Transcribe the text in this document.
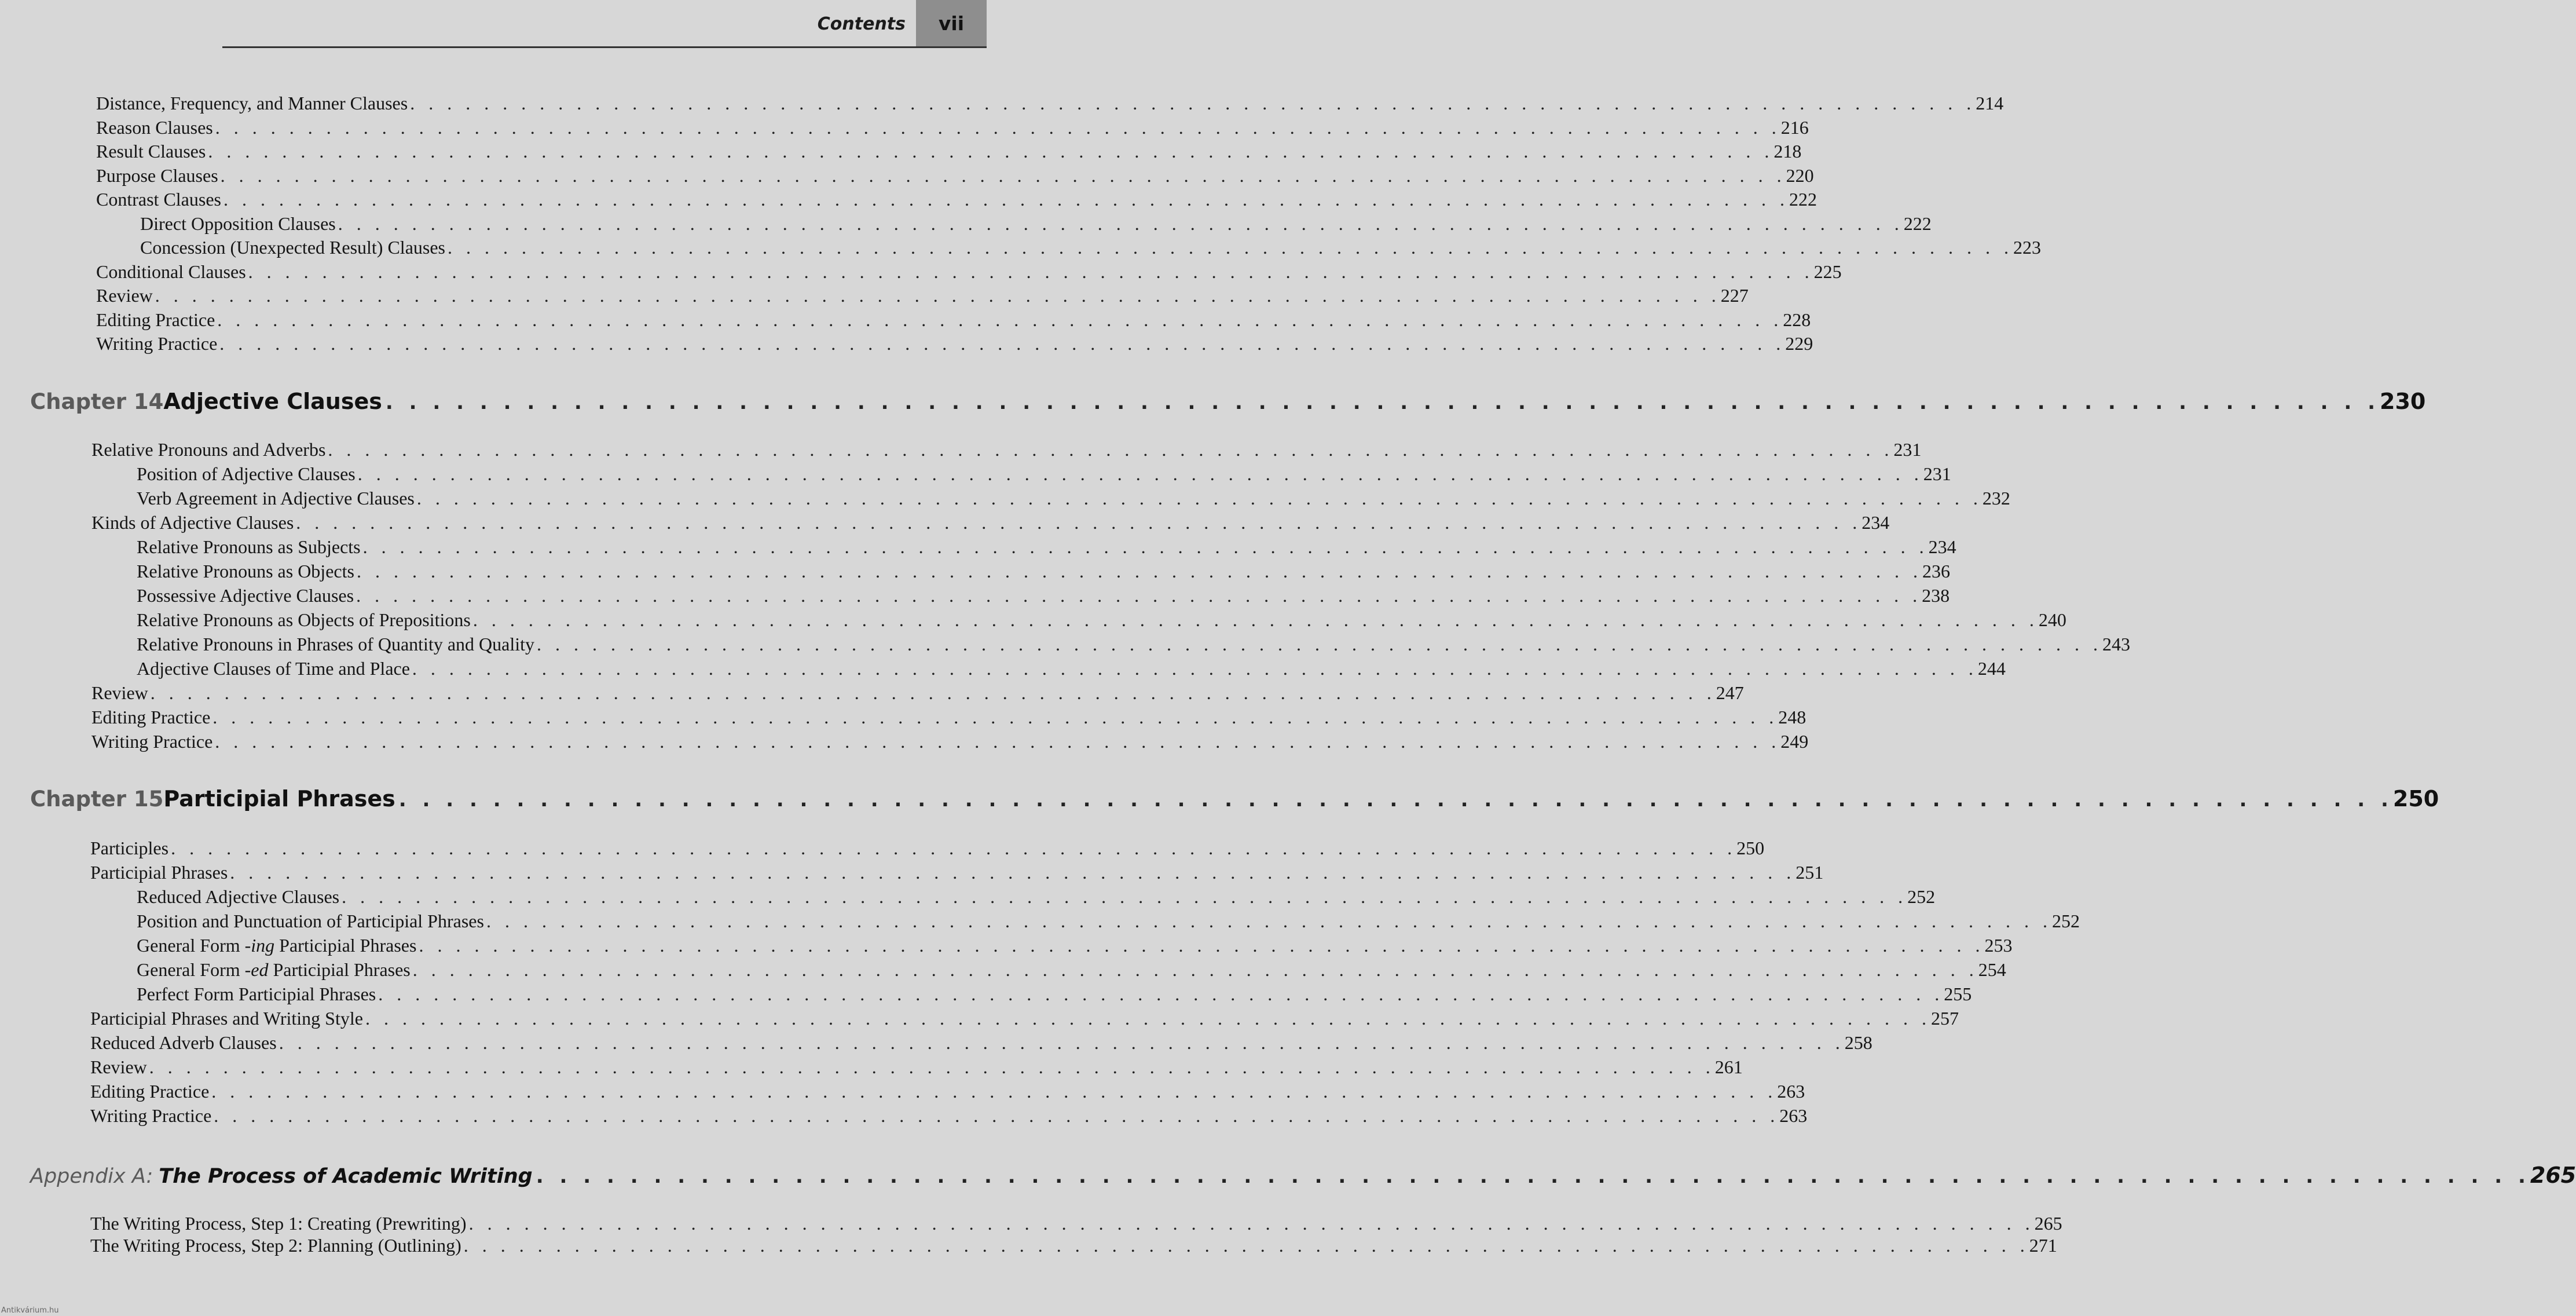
Contents	vii
Distance, Frequency, and Manner Clauses . . . . . . . . . . . . . . . . . . . . . . . . . . . . . . . . . . . . . . . . . . . . . . . . . . . . . . . . . . . . . . . . . . . . . . . . . . . . . . . . . . . . . 214
Reason Clauses . . . . . . . . . . . . . . . . . . . . . . . . . . . . . . . . . . . . . . . . . . . . . . . . . . . . . . . . . . . . . . . . . . . . . . . . . . . . . . . . . . . . . 216
Result Clauses . . . . . . . . . . . . . . . . . . . . . . . . . . . . . . . . . . . . . . . . . . . . . . . . . . . . . . . . . . . . . . . . . . . . . . . . . . . . . . . . . . . . . 218
Purpose Clauses . . . . . . . . . . . . . . . . . . . . . . . . . . . . . . . . . . . . . . . . . . . . . . . . . . . . . . . . . . . . . . . . . . . . . . . . . . . . . . . . . . . . . 220
Contrast Clauses . . . . . . . . . . . . . . . . . . . . . . . . . . . . . . . . . . . . . . . . . . . . . . . . . . . . . . . . . . . . . . . . . . . . . . . . . . . . . . . . . . . . . 222
Direct Opposition Clauses . . . . . . . . . . . . . . . . . . . . . . . . . . . . . . . . . . . . . . . . . . . . . . . . . . . . . . . . . . . . . . . . . . . . . . . . . . . . . . . . . . . . . 222
Concession (Unexpected Result) Clauses . . . . . . . . . . . . . . . . . . . . . . . . . . . . . . . . . . . . . . . . . . . . . . . . . . . . . . . . . . . . . . . . . . . . . . . . . . . . . . . . . . . . . 223
Conditional Clauses . . . . . . . . . . . . . . . . . . . . . . . . . . . . . . . . . . . . . . . . . . . . . . . . . . . . . . . . . . . . . . . . . . . . . . . . . . . . . . . . . . . . . 225
Review . . . . . . . . . . . . . . . . . . . . . . . . . . . . . . . . . . . . . . . . . . . . . . . . . . . . . . . . . . . . . . . . . . . . . . . . . . . . . . . . . . . . . 227
Editing Practice . . . . . . . . . . . . . . . . . . . . . . . . . . . . . . . . . . . . . . . . . . . . . . . . . . . . . . . . . . . . . . . . . . . . . . . . . . . . . . . . . . . . . 228
Writing Practice . . . . . . . . . . . . . . . . . . . . . . . . . . . . . . . . . . . . . . . . . . . . . . . . . . . . . . . . . . . . . . . . . . . . . . . . . . . . . . . . . . . . . 229
Chapter 14 Adjective Clauses . . . . . . . . . . . . . . . . . . . . . . . . . . . . . . . . . . . . . . . . . . . . . . . . . . . . . . . . . . . . . . . . . . . . . . . . . . . . . . . . . . . . . 230
Relative Pronouns and Adverbs . . . . . . . . . . . . . . . . . . . . . . . . . . . . . . . . . . . . . . . . . . . . . . . . . . . . . . . . . . . . . . . . . . . . . . . . . . . . . . . . . . . . . 231
Position of Adjective Clauses . . . . . . . . . . . . . . . . . . . . . . . . . . . . . . . . . . . . . . . . . . . . . . . . . . . . . . . . . . . . . . . . . . . . . . . . . . . . . . . . . . . . . 231
Verb Agreement in Adjective Clauses . . . . . . . . . . . . . . . . . . . . . . . . . . . . . . . . . . . . . . . . . . . . . . . . . . . . . . . . . . . . . . . . . . . . . . . . . . . . . . . . . . . . . 232
Kinds of Adjective Clauses . . . . . . . . . . . . . . . . . . . . . . . . . . . . . . . . . . . . . . . . . . . . . . . . . . . . . . . . . . . . . . . . . . . . . . . . . . . . . . . . . . . . . 234
Relative Pronouns as Subjects . . . . . . . . . . . . . . . . . . . . . . . . . . . . . . . . . . . . . . . . . . . . . . . . . . . . . . . . . . . . . . . . . . . . . . . . . . . . . . . . . . . . . 234
Relative Pronouns as Objects . . . . . . . . . . . . . . . . . . . . . . . . . . . . . . . . . . . . . . . . . . . . . . . . . . . . . . . . . . . . . . . . . . . . . . . . . . . . . . . . . . . . . 236
Possessive Adjective Clauses . . . . . . . . . . . . . . . . . . . . . . . . . . . . . . . . . . . . . . . . . . . . . . . . . . . . . . . . . . . . . . . . . . . . . . . . . . . . . . . . . . . . . 238
Relative Pronouns as Objects of Prepositions . . . . . . . . . . . . . . . . . . . . . . . . . . . . . . . . . . . . . . . . . . . . . . . . . . . . . . . . . . . . . . . . . . . . . . . . . . . . . . . . . . . . . 240
Relative Pronouns in Phrases of Quantity and Quality . . . . . . . . . . . . . . . . . . . . . . . . . . . . . . . . . . . . . . . . . . . . . . . . . . . . . . . . . . . . . . . . . . . . . . . . . . . . . . . . . . . . . 243
Adjective Clauses of Time and Place . . . . . . . . . . . . . . . . . . . . . . . . . . . . . . . . . . . . . . . . . . . . . . . . . . . . . . . . . . . . . . . . . . . . . . . . . . . . . . . . . . . . . 244
Review . . . . . . . . . . . . . . . . . . . . . . . . . . . . . . . . . . . . . . . . . . . . . . . . . . . . . . . . . . . . . . . . . . . . . . . . . . . . . . . . . . . . . 247
Editing Practice . . . . . . . . . . . . . . . . . . . . . . . . . . . . . . . . . . . . . . . . . . . . . . . . . . . . . . . . . . . . . . . . . . . . . . . . . . . . . . . . . . . . . 248
Writing Practice . . . . . . . . . . . . . . . . . . . . . . . . . . . . . . . . . . . . . . . . . . . . . . . . . . . . . . . . . . . . . . . . . . . . . . . . . . . . . . . . . . . . . 249
Chapter 15 Participial Phrases . . . . . . . . . . . . . . . . . . . . . . . . . . . . . . . . . . . . . . . . . . . . . . . . . . . . . . . . . . . . . . . . . . . . . . . . . . . . . . . . . . . . . 250
Participles . . . . . . . . . . . . . . . . . . . . . . . . . . . . . . . . . . . . . . . . . . . . . . . . . . . . . . . . . . . . . . . . . . . . . . . . . . . . . . . . . . . . . 250
Participial Phrases . . . . . . . . . . . . . . . . . . . . . . . . . . . . . . . . . . . . . . . . . . . . . . . . . . . . . . . . . . . . . . . . . . . . . . . . . . . . . . . . . . . . . 251
Reduced Adjective Clauses . . . . . . . . . . . . . . . . . . . . . . . . . . . . . . . . . . . . . . . . . . . . . . . . . . . . . . . . . . . . . . . . . . . . . . . . . . . . . . . . . . . . . 252
Position and Punctuation of Participial Phrases . . . . . . . . . . . . . . . . . . . . . . . . . . . . . . . . . . . . . . . . . . . . . . . . . . . . . . . . . . . . . . . . . . . . . . . . . . . . . . . . . . . . . 252
General Form -ing Participial Phrases . . . . . . . . . . . . . . . . . . . . . . . . . . . . . . . . . . . . . . . . . . . . . . . . . . . . . . . . . . . . . . . . . . . . . . . . . . . . . . . . . . . . . 253
General Form -ed Participial Phrases . . . . . . . . . . . . . . . . . . . . . . . . . . . . . . . . . . . . . . . . . . . . . . . . . . . . . . . . . . . . . . . . . . . . . . . . . . . . . . . . . . . . . 254
Perfect Form Participial Phrases . . . . . . . . . . . . . . . . . . . . . . . . . . . . . . . . . . . . . . . . . . . . . . . . . . . . . . . . . . . . . . . . . . . . . . . . . . . . . . . . . . . . . 255
Participial Phrases and Writing Style . . . . . . . . . . . . . . . . . . . . . . . . . . . . . . . . . . . . . . . . . . . . . . . . . . . . . . . . . . . . . . . . . . . . . . . . . . . . . . . . . . . . . 257
Reduced Adverb Clauses . . . . . . . . . . . . . . . . . . . . . . . . . . . . . . . . . . . . . . . . . . . . . . . . . . . . . . . . . . . . . . . . . . . . . . . . . . . . . . . . . . . . . 258
Review . . . . . . . . . . . . . . . . . . . . . . . . . . . . . . . . . . . . . . . . . . . . . . . . . . . . . . . . . . . . . . . . . . . . . . . . . . . . . . . . . . . . . 261
Editing Practice . . . . . . . . . . . . . . . . . . . . . . . . . . . . . . . . . . . . . . . . . . . . . . . . . . . . . . . . . . . . . . . . . . . . . . . . . . . . . . . . . . . . . 263
Writing Practice . . . . . . . . . . . . . . . . . . . . . . . . . . . . . . . . . . . . . . . . . . . . . . . . . . . . . . . . . . . . . . . . . . . . . . . . . . . . . . . . . . . . . 263
Appendix A: The Process of Academic Writing . . . . . . . . . . . . . . . . . . . . . . . . . . . . . . . . . . . . . . . . . . . . . . . . . . . . . . . . . . . . . . . . . . . . . . . . . . . . . . . . . . . . . 265
The Writing Process, Step 1: Creating (Prewriting) . . . . . . . . . . . . . . . . . . . . . . . . . . . . . . . . . . . . . . . . . . . . . . . . . . . . . . . . . . . . . . . . . . . . . . . . . . . . . . . . . . . . . 265
The Writing Process, Step 2: Planning (Outlining) . . . . . . . . . . . . . . . . . . . . . . . . . . . . . . . . . . . . . . . . . . . . . . . . . . . . . . . . . . . . . . . . . . . . . . . . . . . . . . . . . . . . . 271
Antikvárium.hu
